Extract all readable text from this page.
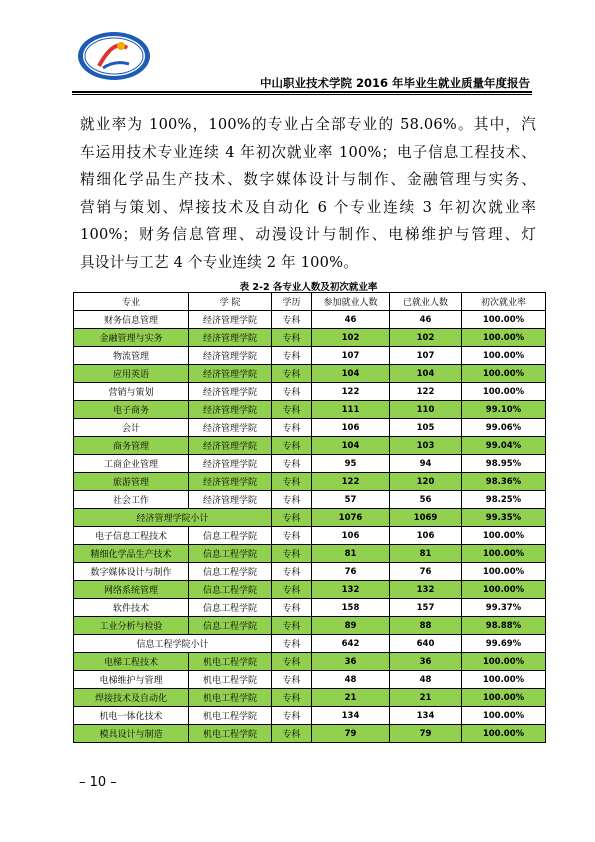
中山职业技术学院 2016 年毕业生就业质量年度报告
就业率为 100%，100%的专业占全部专业的 58.06%。其中，汽
车运用技术专业连续 4 年初次就业率 100%；电子信息工程技术、
精细化学品生产技术、数字媒体设计与制作、金融管理与实务、
营销与策划、焊接技术及自动化 6 个专业连续 3 年初次就业率
100%；财务信息管理、动漫设计与制作、电梯维护与管理、灯
具设计与工艺 4 个专业连续 2 年 100%。
表 2-2 各专业人数及初次就业率
专业	学 院	学历	参加就业人数	已就业人数	初次就业率
财务信息管理	经济管理学院	专科	46	46	100.00%
金融管理与实务	经济管理学院	专科	102	102	100.00%
物流管理	经济管理学院	专科	107	107	100.00%
应用英语	经济管理学院	专科	104	104	100.00%
营销与策划	经济管理学院	专科	122	122	100.00%
电子商务	经济管理学院	专科	111	110	99.10%
会计	经济管理学院	专科	106	105	99.06%
商务管理	经济管理学院	专科	104	103	99.04%
工商企业管理	经济管理学院	专科	95	94	98.95%
旅游管理	经济管理学院	专科	122	120	98.36%
社会工作	经济管理学院	专科	57	56	98.25%
经济管理学院小计		专科	1076	1069	99.35%
电子信息工程技术	信息工程学院	专科	106	106	100.00%
精细化学品生产技术	信息工程学院	专科	81	81	100.00%
数字媒体设计与制作	信息工程学院	专科	76	76	100.00%
网络系统管理	信息工程学院	专科	132	132	100.00%
软件技术	信息工程学院	专科	158	157	99.37%
工业分析与检验	信息工程学院	专科	89	88	98.88%
信息工程学院小计		专科	642	640	99.69%
电梯工程技术	机电工程学院	专科	36	36	100.00%
电梯维护与管理	机电工程学院	专科	48	48	100.00%
焊接技术及自动化	机电工程学院	专科	21	21	100.00%
机电一体化技术	机电工程学院	专科	134	134	100.00%
模具设计与制造	机电工程学院	专科	79	79	100.00%
– 10 –
